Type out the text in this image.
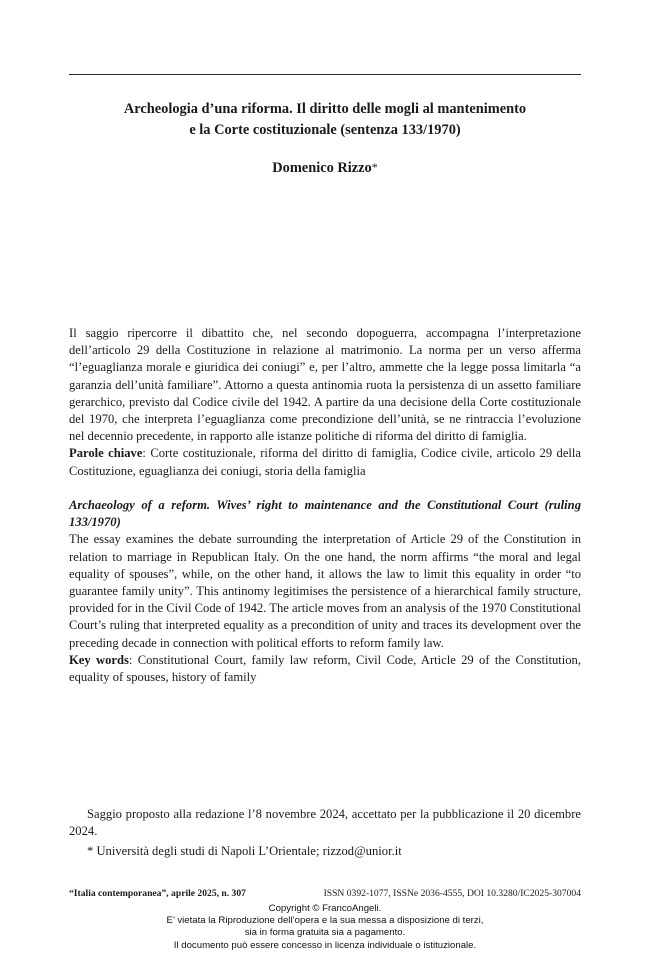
Archeologia d’una riforma. Il diritto delle mogli al mantenimento
e la Corte costituzionale (sentenza 133/1970)
Domenico Rizzo*

Il saggio ripercorre il dibattito che, nel secondo dopoguerra, accompagna l’interpretazione dell’articolo 29 della Costituzione in relazione al matrimonio. La norma per un verso afferma “l’eguaglianza morale e giuridica dei coniugi” e, per l’altro, ammette che la legge possa limitarla “a garanzia dell’unità familiare”. Attorno a questa antinomia ruota la persistenza di un assetto familiare gerarchico, previsto dal Codice civile del 1942. A partire da una decisione della Corte costituzionale del 1970, che interpreta l’eguaglianza come precondizione dell’unità, se ne rintraccia l’evoluzione nel decennio precedente, in rapporto alle istanze politiche di riforma del diritto di famiglia.

Parole chiave: Corte costituzionale, riforma del diritto di famiglia, Codice civile, articolo 29 della Costituzione, eguaglianza dei coniugi, storia della famiglia

Archaeology of a reform. Wives’ right to maintenance and the Constitutional Court (ruling 133/1970)

The essay examines the debate surrounding the interpretation of Article 29 of the Constitution in relation to marriage in Republican Italy. On the one hand, the norm affirms “the moral and legal equality of spouses”, while, on the other hand, it allows the law to limit this equality in order “to guarantee family unity”. This antinomy legitimises the persistence of a hierarchical family structure, provided for in the Civil Code of 1942. The article moves from an analysis of the 1970 Constitutional Court’s ruling that interpreted equality as a precondition of unity and traces its development over the preceding decade in connection with political efforts to reform family law.

Key words: Constitutional Court, family law reform, Civil Code, Article 29 of the Constitution, equality of spouses, history of family

Saggio proposto alla redazione l’8 novembre 2024, accettato per la pubblicazione il 20 dicembre 2024.
* Università degli studi di Napoli L’Orientale; rizzod@unior.it
“Italia contemporanea”, aprile 2025, n. 307	ISSN 0392-1077, ISSNe 2036-4555, DOI 10.3280/IC2025-307004
Copyright © FrancoAngeli.
E’ vietata la Riproduzione dell’opera e la sua messa a disposizione di terzi,
sia in forma gratuita sia a pagamento.
Il documento può essere concesso in licenza individuale o istituzionale.
